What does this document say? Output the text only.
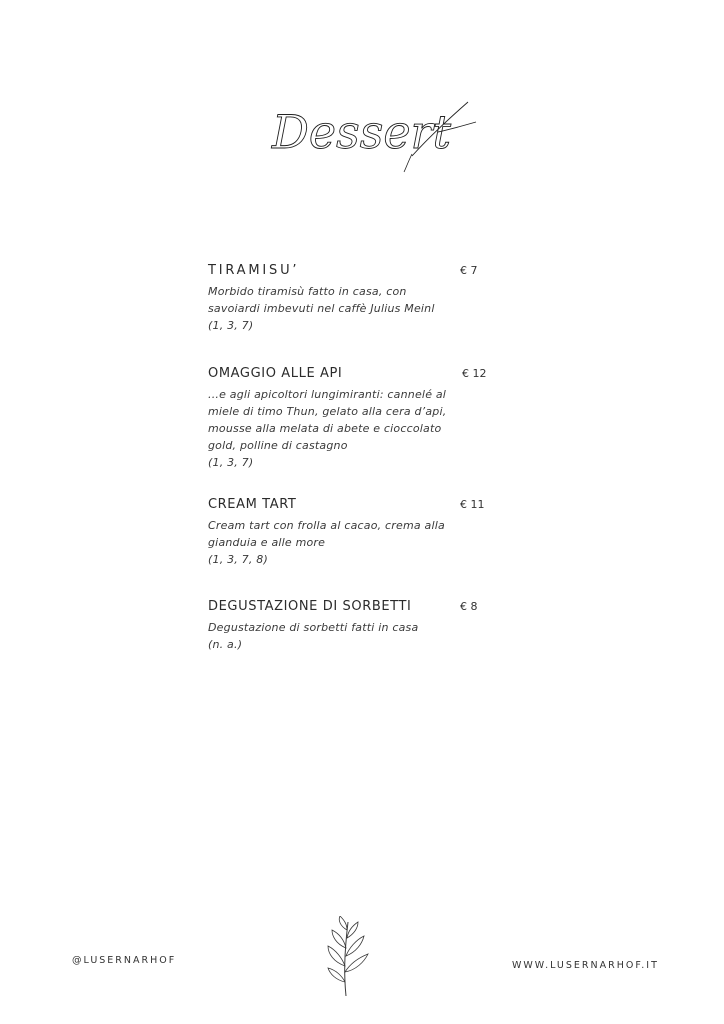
Dessert
TIRAMISU’	€ 7
Morbido tiramisù fatto in casa, con savoiardi imbevuti nel caffè Julius Meinl
(1, 3, 7)
OMAGGIO ALLE API	€ 12
...e agli apicoltori lungimiranti: cannelé al miele di timo Thun, gelato alla cera d’api, mousse alla melata di abete e cioccolato gold, polline di castagno
(1, 3, 7)
CREAM TART	€ 11
Cream tart con frolla al cacao, crema alla gianduia e alle more
(1, 3, 7, 8)
DEGUSTAZIONE DI SORBETTI	€ 8
Degustazione di sorbetti fatti in casa
(n. a.)
@LUSERNARHOF	WWW.LUSERNARHOF.IT
